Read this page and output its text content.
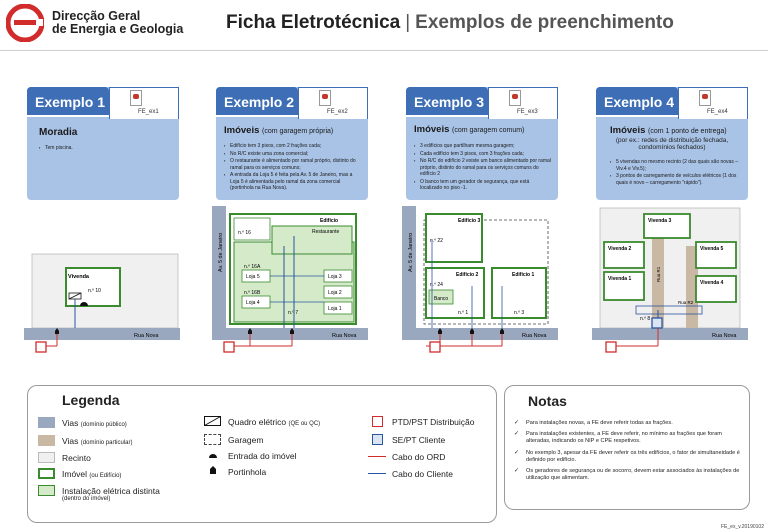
Direcção Geral
de Energia e Geologia Ficha Eletrotécnica | Exemplos de preenchimento
Exemplo 1
FE_ex1
Moradia
▪ Tem piscina.
Exemplo 2
FE_ex2
Imóveis (com garagem própria)
▪ Edifício tem 3 pisos, com 2 frações cada;
▪ No R/C existe uma zona comercial;
▪ O restaurante é alimentado por ramal próprio, distinto do ramal para os serviços comuns;
▪ A entrada da Loja 5 é feita pela Av. 5 de Janeiro, mas a Loja 5 é alimentada pelo ramal da zona comercial (portinhola na Rua Nova).
Exemplo 3
FE_ex3
Imóveis (com garagem comum)
▪ 3 edifícios que partilham mesma garagem;
▪ Cada edifício tem 3 pisos, com 3 frações cada;
▪ No R/C do edifício 2 existe um banco alimentado por ramal próprio, distinto do ramal para os serviços comuns do edifício 2
▪ O banco tem um gerador de segurança, que está localizado no piso -1.
Exemplo 4
FE_ex4
Imóveis (com 1 ponto de entrega)
(por ex.: redes de distribuição fechada, condomínios fechados)
▪ 5 vivendas no mesmo recinto (2 das quais são novas – Viv.4 e Viv.5);
▪ 3 pontos de carregamento de veículos elétricos (1 dos quais é novo – carregamento "rápido").
Vivenda
n.º 10
Rua Nova
Av. 5 de Janeiro
Edifício
Restaurante
n.º 16
n.º 16A
Loja 5
n.º 16B
Loja 4
Loja 3
Loja 2
Loja 1
n.º 7
Rua Nova
Av. 5 de Janeiro
Edifício 3
n.º 22
Edifício 2
n.º 24
Banco
Edifício 1
n.º 1	n.º 3
Rua Nova
Rua R1
Rua R2
Vivenda 3
Vivenda 2
Vivenda 1
Vivenda 5
Vivenda 4
n.º 8
Rua Nova
Legenda
Vias (domínio público)
Vias (domínio particular)
Recinto
Imóvel (ou Edifício)
Instalação elétrica distinta
(dentro do imóvel)
Quadro elétrico (QE ou QC)
Garagem
Entrada do imóvel
Portinhola
PTD/PST Distribuição
SE/PT Cliente
Cabo do ORD
Cabo do Cliente
Notas
✓ Para instalações novas, a FE deve referir todas as frações.
✓ Para instalações existentes, a FE deve referir, no mínimo as frações que foram alteradas, indicando os NIP e CPE respetivos.
✓ No exemplo 3, apesar da FE dever referir os três edifícios, o fator de simultaneidade é definido por edifício.
✓ Os geradores de segurança ou de socorro, devem estar associados às instalações de utilização que alimentam.
FE_ex_v.20190102
